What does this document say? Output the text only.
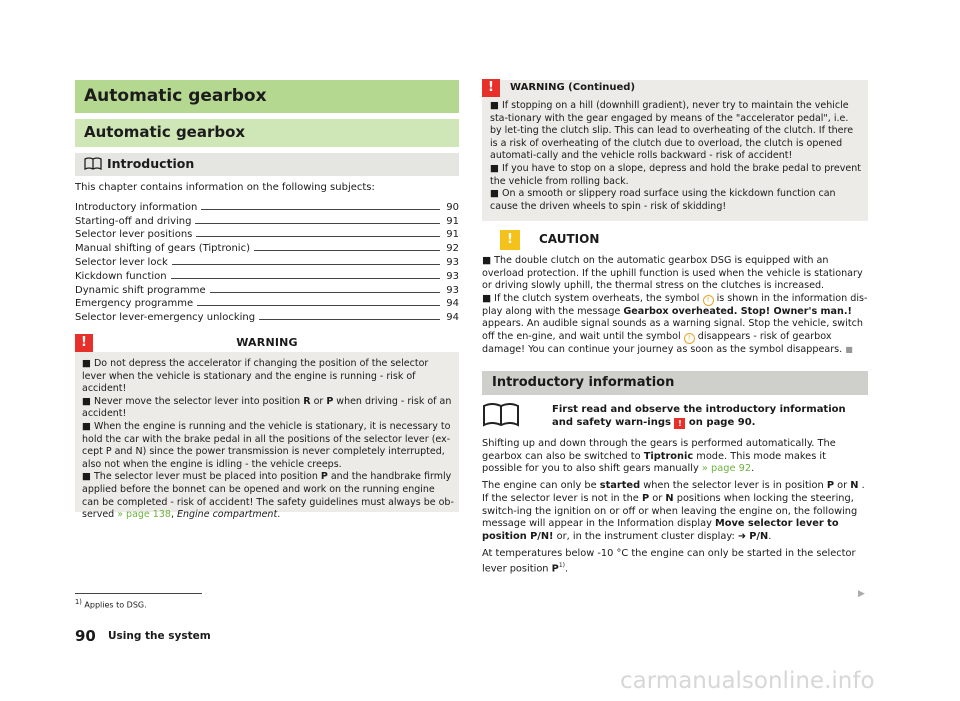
Automatic gearbox
Automatic gearbox
Introduction
This chapter contains information on the following subjects:
Introductory information	90
Starting-off and driving	91
Selector lever positions	91
Manual shifting of gears (Tiptronic)	92
Selector lever lock	93
Kickdown function	93
Dynamic shift programme	93
Emergency programme	94
Selector lever-emergency unlocking	94
!	WARNING
■ Do not depress the accelerator if changing the position of the selector lever when the vehicle is stationary and the engine is running - risk of accident!
■ Never move the selector lever into position R or P when driving - risk of an accident!
■ When the engine is running and the vehicle is stationary, it is necessary to hold the car with the brake pedal in all the positions of the selector lever (ex-cept P and N) since the power transmission is never completely interrupted, also not when the engine is idling - the vehicle creeps.
■ The selector lever must be placed into position P and the handbrake firmly applied before the bonnet can be opened and work on the running engine can be completed - risk of accident! The safety guidelines must always be ob-served » page 138, Engine compartment.
!	WARNING (Continued)
■ If stopping on a hill (downhill gradient), never try to maintain the vehicle sta-tionary with the gear engaged by means of the "accelerator pedal", i.e. by let-ting the clutch slip. This can lead to overheating of the clutch. If there is a risk of overheating of the clutch due to overload, the clutch is opened automati-cally and the vehicle rolls backward - risk of accident!
■ If you have to stop on a slope, depress and hold the brake pedal to prevent the vehicle from rolling back.
■ On a smooth or slippery road surface using the kickdown function can cause the driven wheels to spin - risk of skidding!
!	CAUTION
■ The double clutch on the automatic gearbox DSG is equipped with an overload protection. If the uphill function is used when the vehicle is stationary or driving slowly uphill, the thermal stress on the clutches is increased.
■ If the clutch system overheats, the symbol ! is shown in the information dis-play along with the message Gearbox overheated. Stop! Owner's man.! appears. An audible signal sounds as a warning signal. Stop the vehicle, switch off the en-gine, and wait until the symbol ! disappears - risk of gearbox damage! You can continue your journey as soon as the symbol disappears. ■
Introductory information
First read and observe the introductory information and safety warn-ings ! on page 90.

Shifting up and down through the gears is performed automatically. The gearbox can also be switched to Tiptronic mode. This mode makes it possible for you to also shift gears manually » page 92.

The engine can only be started when the selector lever is in position P or N . If the selector lever is not in the P or N positions when locking the steering, switch-ing the ignition on or off or when leaving the engine on, the following message will appear in the Information display Move selector lever to position P/N! or, in the instrument cluster display: ➜ P/N.

At temperatures below -10 °C the engine can only be started in the selector lever position $P^{1)}$.

▶
$^{1)}$ Applies to DSG.
90 Using the system
carmanualsonline.info
